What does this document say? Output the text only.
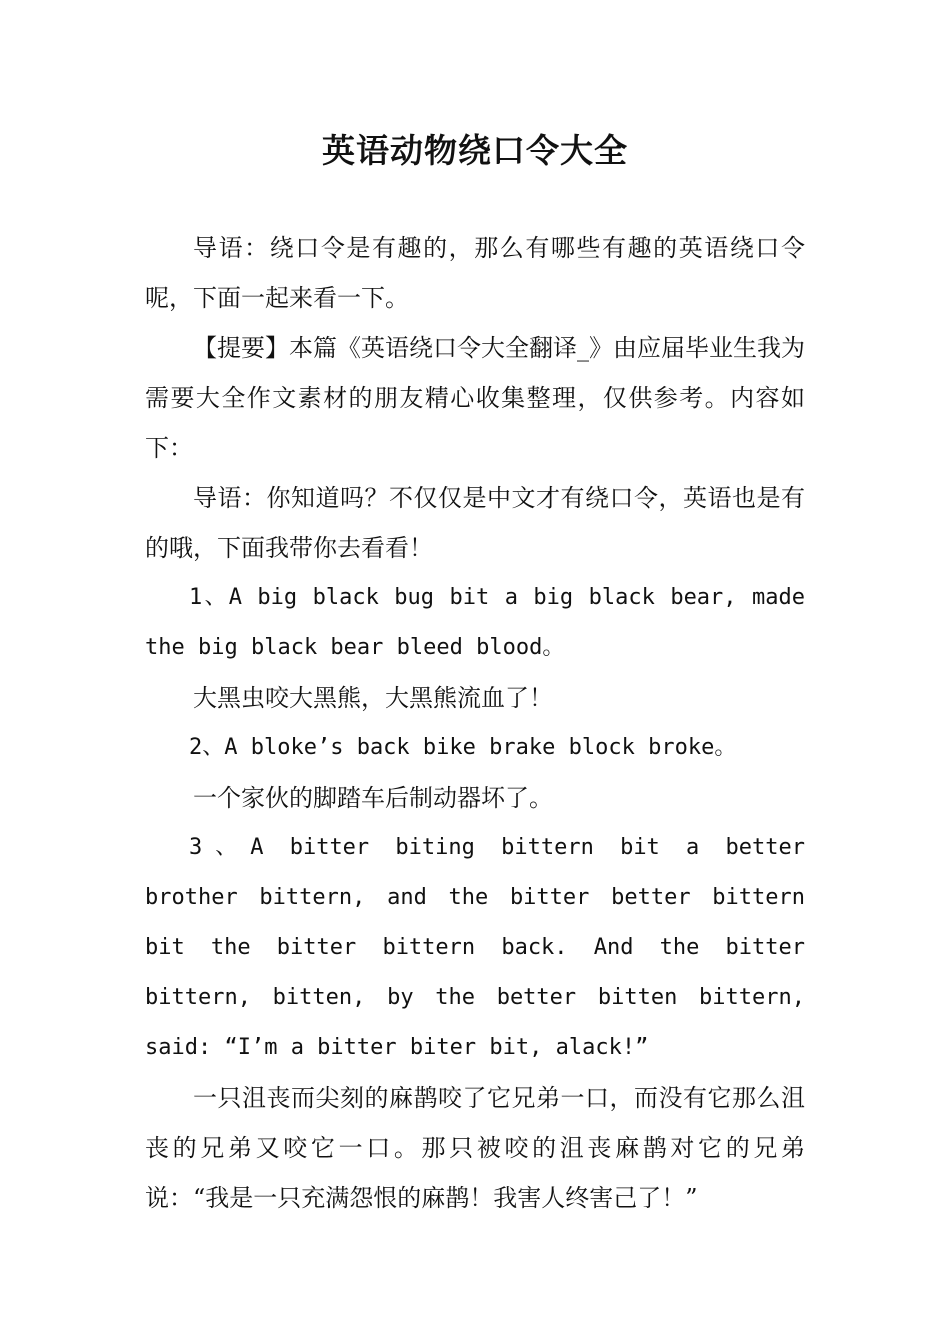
英语动物绕口令大全

导语：绕口令是有趣的，那么有哪些有趣的英语绕口令呢，下面一起来看一下。

【提要】本篇《英语绕口令大全翻译_》由应届毕业生我为需要大全作文素材的朋友精心收集整理，仅供参考。内容如下：

导语：你知道吗？不仅仅是中文才有绕口令，英语也是有的哦，下面我带你去看看！

1、A big black bug bit a big black bear, made the big black bear bleed blood。

大黑虫咬大黑熊，大黑熊流血了！

2、A bloke’s back bike brake block broke。

一个家伙的脚踏车后制动器坏了。

3、A bitter biting bittern bit a better brother bittern, and the bitter better bittern bit the bitter bittern back. And the bitter bittern, bitten, by the better bitten bittern, said: “I’m a bitter biter bit, alack!”

一只沮丧而尖刻的麻鹊咬了它兄弟一口，而没有它那么沮丧的兄弟又咬它一口。那只被咬的沮丧麻鹊对它的兄弟说：“我是一只充满怨恨的麻鹊！我害人终害己了！”
